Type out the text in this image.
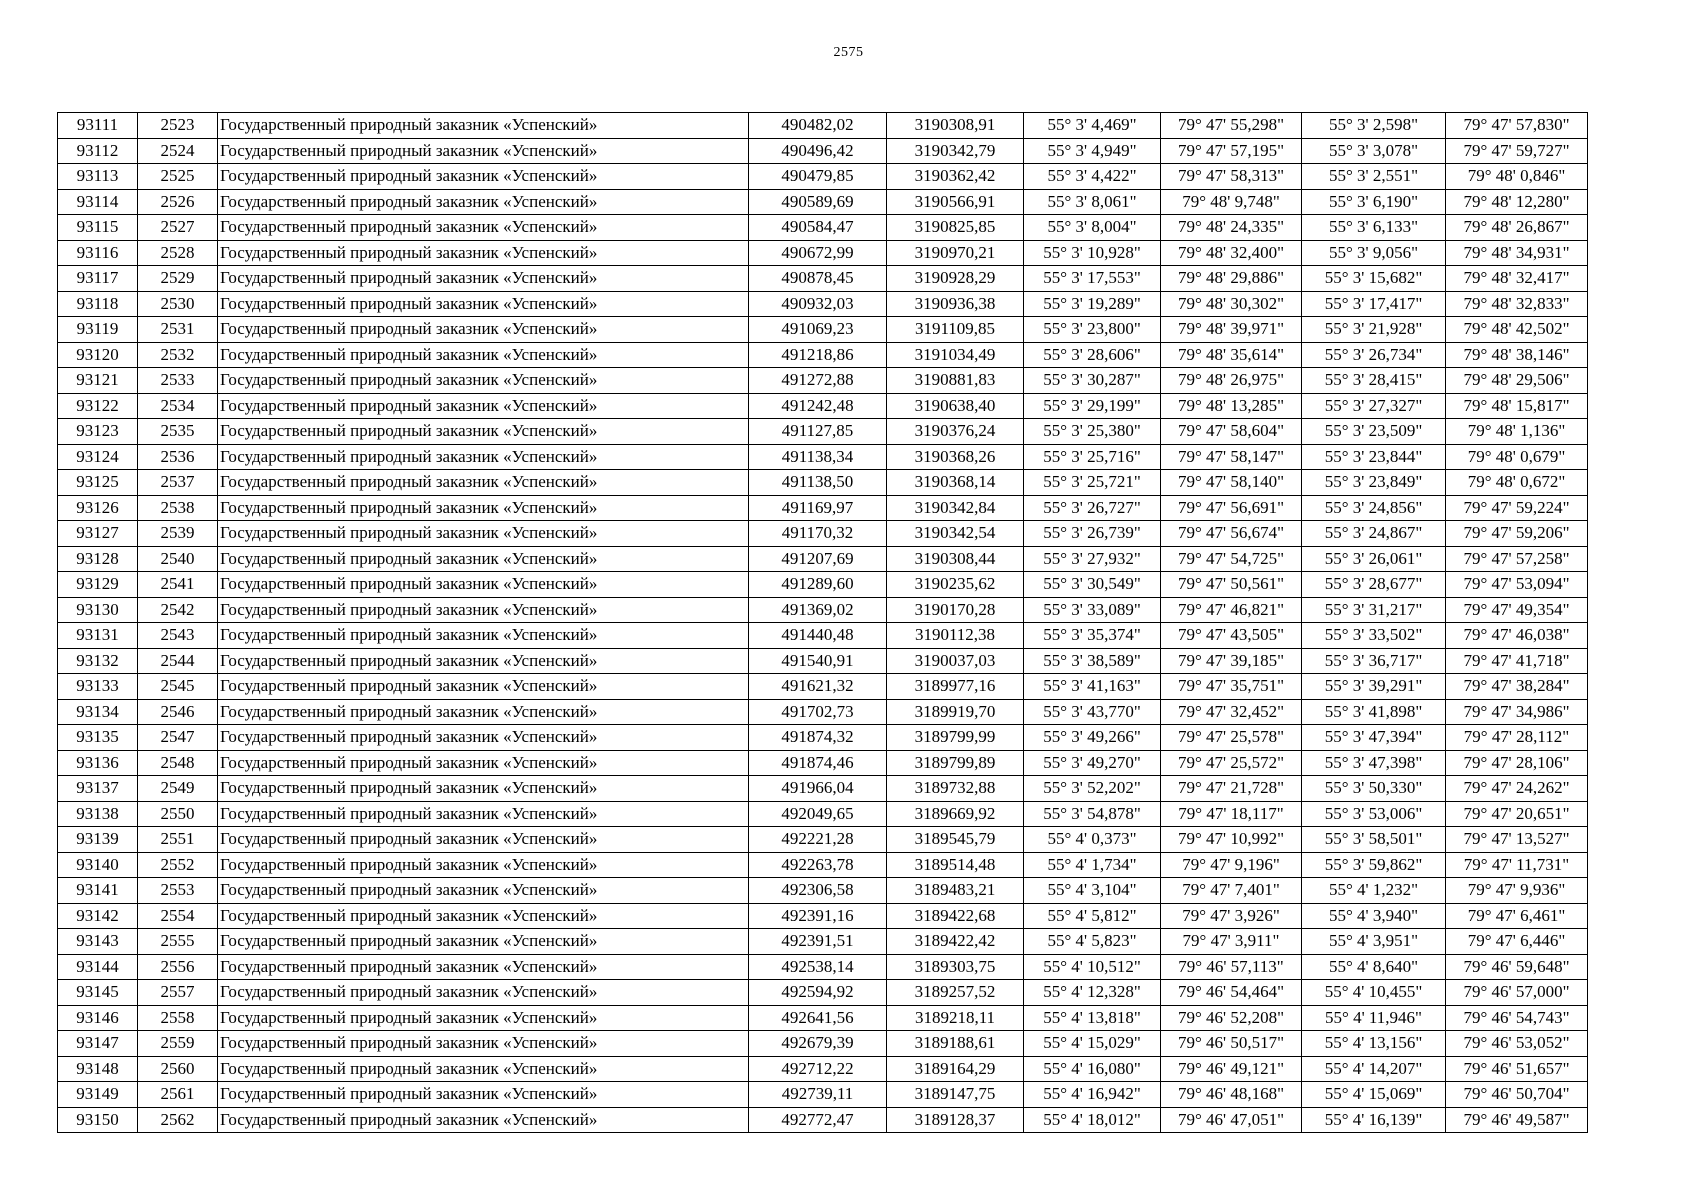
2575
93111	2523	Государственный природный заказник «Успенский»	490482,02	3190308,91	55° 3' 4,469"	79° 47' 55,298"	55° 3' 2,598"	79° 47' 57,830"
93112	2524	Государственный природный заказник «Успенский»	490496,42	3190342,79	55° 3' 4,949"	79° 47' 57,195"	55° 3' 3,078"	79° 47' 59,727"
93113	2525	Государственный природный заказник «Успенский»	490479,85	3190362,42	55° 3' 4,422"	79° 47' 58,313"	55° 3' 2,551"	79° 48' 0,846"
93114	2526	Государственный природный заказник «Успенский»	490589,69	3190566,91	55° 3' 8,061"	79° 48' 9,748"	55° 3' 6,190"	79° 48' 12,280"
93115	2527	Государственный природный заказник «Успенский»	490584,47	3190825,85	55° 3' 8,004"	79° 48' 24,335"	55° 3' 6,133"	79° 48' 26,867"
93116	2528	Государственный природный заказник «Успенский»	490672,99	3190970,21	55° 3' 10,928"	79° 48' 32,400"	55° 3' 9,056"	79° 48' 34,931"
93117	2529	Государственный природный заказник «Успенский»	490878,45	3190928,29	55° 3' 17,553"	79° 48' 29,886"	55° 3' 15,682"	79° 48' 32,417"
93118	2530	Государственный природный заказник «Успенский»	490932,03	3190936,38	55° 3' 19,289"	79° 48' 30,302"	55° 3' 17,417"	79° 48' 32,833"
93119	2531	Государственный природный заказник «Успенский»	491069,23	3191109,85	55° 3' 23,800"	79° 48' 39,971"	55° 3' 21,928"	79° 48' 42,502"
93120	2532	Государственный природный заказник «Успенский»	491218,86	3191034,49	55° 3' 28,606"	79° 48' 35,614"	55° 3' 26,734"	79° 48' 38,146"
93121	2533	Государственный природный заказник «Успенский»	491272,88	3190881,83	55° 3' 30,287"	79° 48' 26,975"	55° 3' 28,415"	79° 48' 29,506"
93122	2534	Государственный природный заказник «Успенский»	491242,48	3190638,40	55° 3' 29,199"	79° 48' 13,285"	55° 3' 27,327"	79° 48' 15,817"
93123	2535	Государственный природный заказник «Успенский»	491127,85	3190376,24	55° 3' 25,380"	79° 47' 58,604"	55° 3' 23,509"	79° 48' 1,136"
93124	2536	Государственный природный заказник «Успенский»	491138,34	3190368,26	55° 3' 25,716"	79° 47' 58,147"	55° 3' 23,844"	79° 48' 0,679"
93125	2537	Государственный природный заказник «Успенский»	491138,50	3190368,14	55° 3' 25,721"	79° 47' 58,140"	55° 3' 23,849"	79° 48' 0,672"
93126	2538	Государственный природный заказник «Успенский»	491169,97	3190342,84	55° 3' 26,727"	79° 47' 56,691"	55° 3' 24,856"	79° 47' 59,224"
93127	2539	Государственный природный заказник «Успенский»	491170,32	3190342,54	55° 3' 26,739"	79° 47' 56,674"	55° 3' 24,867"	79° 47' 59,206"
93128	2540	Государственный природный заказник «Успенский»	491207,69	3190308,44	55° 3' 27,932"	79° 47' 54,725"	55° 3' 26,061"	79° 47' 57,258"
93129	2541	Государственный природный заказник «Успенский»	491289,60	3190235,62	55° 3' 30,549"	79° 47' 50,561"	55° 3' 28,677"	79° 47' 53,094"
93130	2542	Государственный природный заказник «Успенский»	491369,02	3190170,28	55° 3' 33,089"	79° 47' 46,821"	55° 3' 31,217"	79° 47' 49,354"
93131	2543	Государственный природный заказник «Успенский»	491440,48	3190112,38	55° 3' 35,374"	79° 47' 43,505"	55° 3' 33,502"	79° 47' 46,038"
93132	2544	Государственный природный заказник «Успенский»	491540,91	3190037,03	55° 3' 38,589"	79° 47' 39,185"	55° 3' 36,717"	79° 47' 41,718"
93133	2545	Государственный природный заказник «Успенский»	491621,32	3189977,16	55° 3' 41,163"	79° 47' 35,751"	55° 3' 39,291"	79° 47' 38,284"
93134	2546	Государственный природный заказник «Успенский»	491702,73	3189919,70	55° 3' 43,770"	79° 47' 32,452"	55° 3' 41,898"	79° 47' 34,986"
93135	2547	Государственный природный заказник «Успенский»	491874,32	3189799,99	55° 3' 49,266"	79° 47' 25,578"	55° 3' 47,394"	79° 47' 28,112"
93136	2548	Государственный природный заказник «Успенский»	491874,46	3189799,89	55° 3' 49,270"	79° 47' 25,572"	55° 3' 47,398"	79° 47' 28,106"
93137	2549	Государственный природный заказник «Успенский»	491966,04	3189732,88	55° 3' 52,202"	79° 47' 21,728"	55° 3' 50,330"	79° 47' 24,262"
93138	2550	Государственный природный заказник «Успенский»	492049,65	3189669,92	55° 3' 54,878"	79° 47' 18,117"	55° 3' 53,006"	79° 47' 20,651"
93139	2551	Государственный природный заказник «Успенский»	492221,28	3189545,79	55° 4' 0,373"	79° 47' 10,992"	55° 3' 58,501"	79° 47' 13,527"
93140	2552	Государственный природный заказник «Успенский»	492263,78	3189514,48	55° 4' 1,734"	79° 47' 9,196"	55° 3' 59,862"	79° 47' 11,731"
93141	2553	Государственный природный заказник «Успенский»	492306,58	3189483,21	55° 4' 3,104"	79° 47' 7,401"	55° 4' 1,232"	79° 47' 9,936"
93142	2554	Государственный природный заказник «Успенский»	492391,16	3189422,68	55° 4' 5,812"	79° 47' 3,926"	55° 4' 3,940"	79° 47' 6,461"
93143	2555	Государственный природный заказник «Успенский»	492391,51	3189422,42	55° 4' 5,823"	79° 47' 3,911"	55° 4' 3,951"	79° 47' 6,446"
93144	2556	Государственный природный заказник «Успенский»	492538,14	3189303,75	55° 4' 10,512"	79° 46' 57,113"	55° 4' 8,640"	79° 46' 59,648"
93145	2557	Государственный природный заказник «Успенский»	492594,92	3189257,52	55° 4' 12,328"	79° 46' 54,464"	55° 4' 10,455"	79° 46' 57,000"
93146	2558	Государственный природный заказник «Успенский»	492641,56	3189218,11	55° 4' 13,818"	79° 46' 52,208"	55° 4' 11,946"	79° 46' 54,743"
93147	2559	Государственный природный заказник «Успенский»	492679,39	3189188,61	55° 4' 15,029"	79° 46' 50,517"	55° 4' 13,156"	79° 46' 53,052"
93148	2560	Государственный природный заказник «Успенский»	492712,22	3189164,29	55° 4' 16,080"	79° 46' 49,121"	55° 4' 14,207"	79° 46' 51,657"
93149	2561	Государственный природный заказник «Успенский»	492739,11	3189147,75	55° 4' 16,942"	79° 46' 48,168"	55° 4' 15,069"	79° 46' 50,704"
93150	2562	Государственный природный заказник «Успенский»	492772,47	3189128,37	55° 4' 18,012"	79° 46' 47,051"	55° 4' 16,139"	79° 46' 49,587"
